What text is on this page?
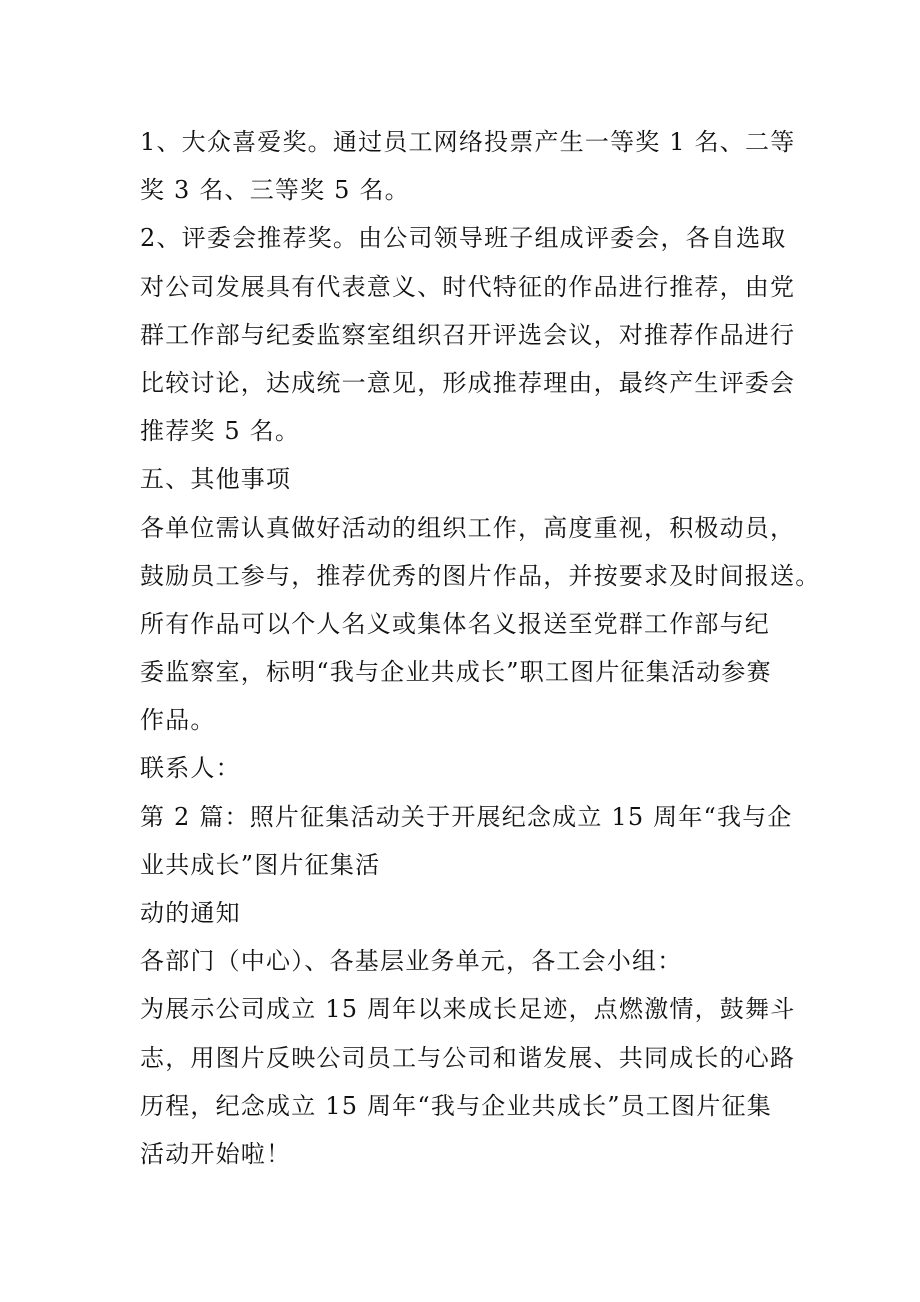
1、大众喜爱奖。通过员工网络投票产生一等奖 1 名、二等
奖 3 名、三等奖 5 名。
2、评委会推荐奖。由公司领导班子组成评委会，各自选取
对公司发展具有代表意义、时代特征的作品进行推荐，由党
群工作部与纪委监察室组织召开评选会议，对推荐作品进行
比较讨论，达成统一意见，形成推荐理由，最终产生评委会
推荐奖 5 名。
五、其他事项
各单位需认真做好活动的组织工作，高度重视，积极动员，
鼓励员工参与，推荐优秀的图片作品，并按要求及时间报送。
所有作品可以个人名义或集体名义报送至党群工作部与纪
委监察室，标明“我与企业共成长”职工图片征集活动参赛
作品。
联系人：
第 2 篇：照片征集活动关于开展纪念成立 15 周年“我与企
业共成长”图片征集活
动的通知
各部门（中心）、各基层业务单元，各工会小组：
为展示公司成立 15 周年以来成长足迹，点燃激情，鼓舞斗
志，用图片反映公司员工与公司和谐发展、共同成长的心路
历程，纪念成立 15 周年“我与企业共成长”员工图片征集
活动开始啦！
